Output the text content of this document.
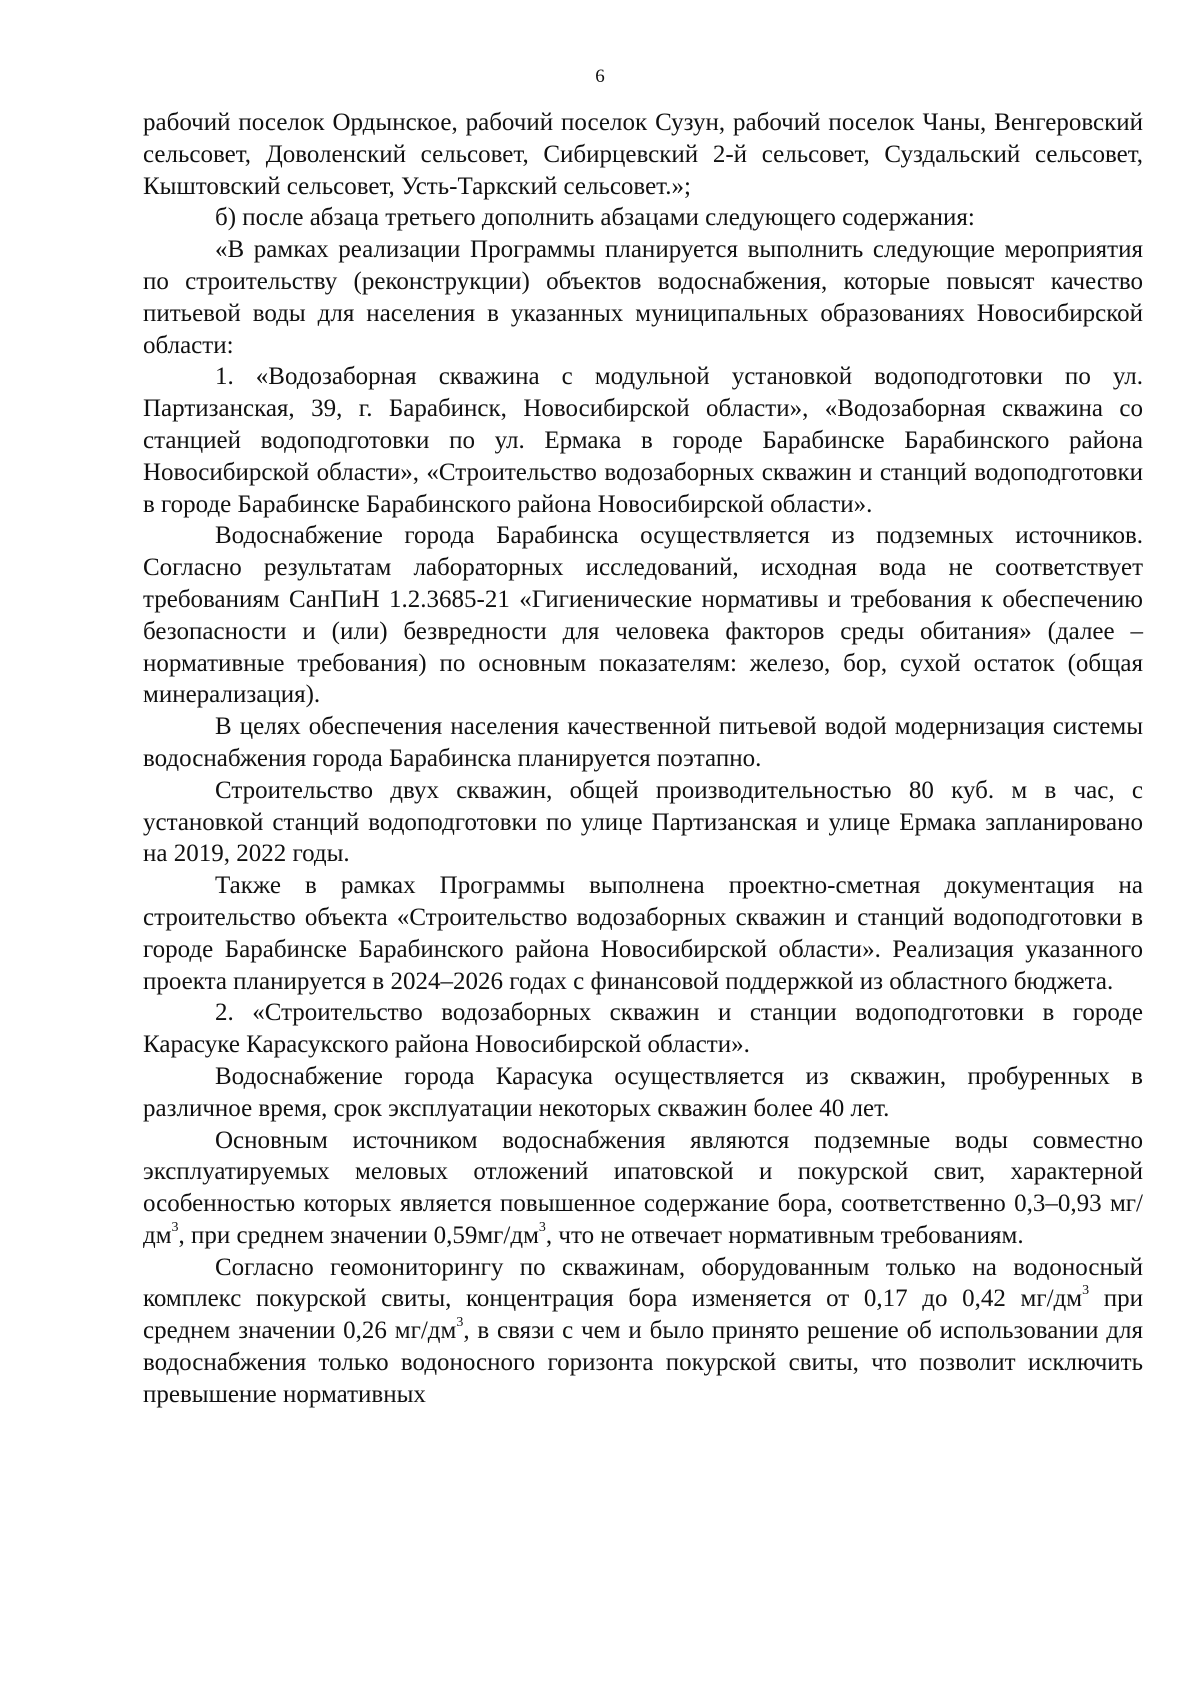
6

рабочий поселок Ордынское, рабочий поселок Сузун, рабочий поселок Чаны, Венгеровский сельсовет, Доволенский сельсовет, Сибирцевский 2-й сельсовет, Суздальский сельсовет, Кыштовский сельсовет, Усть-Таркский сельсовет.»;

б) после абзаца третьего дополнить абзацами следующего содержания:

«В рамках реализации Программы планируется выполнить следующие мероприятия по строительству (реконструкции) объектов водоснабжения, которые повысят качество питьевой воды для населения в указанных муниципальных образованиях Новосибирской области:

1. «Водозаборная скважина с модульной установкой водоподготовки по ул. Партизанская, 39, г. Барабинск, Новосибирской области», «Водозаборная скважина со станцией водоподготовки по ул. Ермака в городе Барабинске Барабинского района Новосибирской области», «Строительство водозаборных скважин и станций водоподготовки в городе Барабинске Барабинского района Новосибирской области».

Водоснабжение города Барабинска осуществляется из подземных источников. Согласно результатам лабораторных исследований, исходная вода не соответствует требованиям СанПиН 1.2.3685-21 «Гигиенические нормативы и требования к обеспечению безопасности и (или) безвредности для человека факторов среды обитания» (далее – нормативные требования) по основным показателям: железо, бор, сухой остаток (общая минерализация).

В целях обеспечения населения качественной питьевой водой модернизация системы водоснабжения города Барабинска планируется поэтапно.

Строительство двух скважин, общей производительностью 80 куб. м в час, с установкой станций водоподготовки по улице Партизанская и улице Ермака запланировано на 2019, 2022 годы.

Также в рамках Программы выполнена проектно-сметная документация на строительство объекта «Строительство водозаборных скважин и станций водоподготовки в городе Барабинске Барабинского района Новосибирской области». Реализация указанного проекта планируется в 2024–2026 годах с финансовой поддержкой из областного бюджета.

2. «Строительство водозаборных скважин и станции водоподготовки в городе Карасуке Карасукского района Новосибирской области».

Водоснабжение города Карасука осуществляется из скважин, пробуренных в различное время, срок эксплуатации некоторых скважин более 40 лет.

Основным источником водоснабжения являются подземные воды совместно эксплуатируемых меловых отложений ипатовской и покурской свит, характерной особенностью которых является повышенное содержание бора, соответственно 0,3–0,93 $мг/дм^3$, при среднем значении $0,59мг/дм^3$, что не отвечает нормативным требованиям.

Согласно геомониторингу по скважинам, оборудованным только на водоносный комплекс покурской свиты, концентрация бора изменяется от 0,17 до 0,42 $мг/дм^3$ при среднем значении 0,26 $мг/дм^3$, в связи с чем и было принято решение об использовании для водоснабжения только водоносного горизонта покурской свиты, что позволит исключить превышение нормативных
